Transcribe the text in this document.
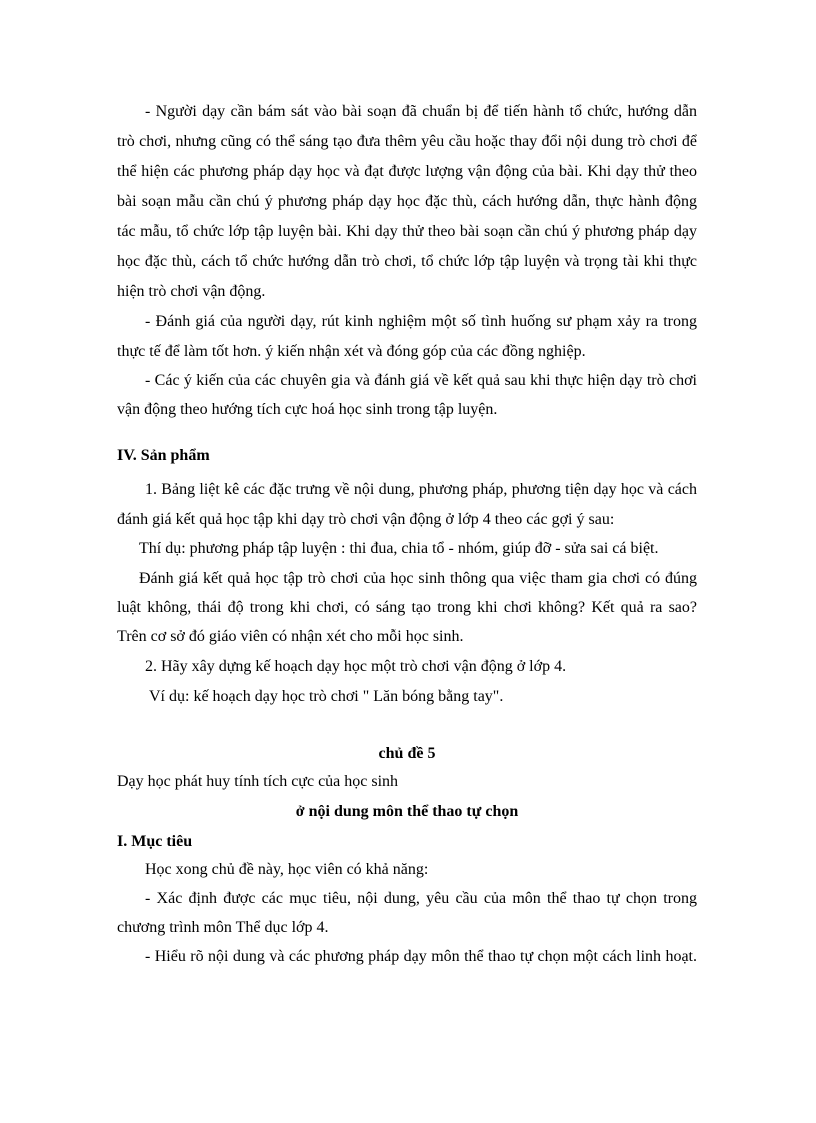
- Người dạy cần bám sát vào bài soạn đã chuẩn bị để tiến hành tổ chức, hướng dẫn
trò chơi, nhưng cũng có thể sáng tạo đưa thêm yêu cầu hoặc thay đổi nội dung trò chơi để
thể hiện các phương pháp dạy học và đạt được lượng vận động của bài. Khi dạy thử theo
bài soạn mẫu cần chú ý phương pháp dạy học đặc thù, cách hướng dẫn, thực hành động
tác mẫu, tổ chức lớp tập luyện bài. Khi dạy thử theo bài soạn cần chú ý phương pháp dạy
học đặc thù, cách tổ chức hướng dẫn trò chơi, tổ chức lớp tập luyện và trọng tài khi thực
hiện trò chơi vận động.
- Đánh giá của người dạy, rút kinh nghiệm một số tình huống sư phạm xảy ra trong
thực tế để làm tốt hơn. ý kiến nhận xét và đóng góp của các đồng nghiệp.
- Các ý kiến của các chuyên gia và đánh giá về kết quả sau khi thực hiện dạy trò chơi
vận động theo hướng tích cực hoá học sinh trong tập luyện.
IV. Sản phẩm
1. Bảng liệt kê các đặc trưng về nội dung, phương pháp, phương tiện dạy học và cách
đánh giá kết quả học tập khi dạy trò chơi vận động ở lớp 4 theo các gợi ý sau:
Thí dụ: phương pháp tập luyện : thi đua, chia tổ - nhóm, giúp đỡ - sửa sai cá biệt.
Đánh giá kết quả học tập trò chơi của học sinh thông qua việc tham gia chơi có đúng
luật không, thái độ trong khi chơi, có sáng tạo trong khi chơi không? Kết quả ra sao?
Trên cơ sở đó giáo viên có nhận xét cho mỗi học sinh.
2. Hãy xây dựng kế hoạch dạy học một trò chơi vận động ở lớp 4.
Ví dụ: kế hoạch dạy học trò chơi " Lăn bóng bằng tay".
chủ đề 5
Dạy học phát huy tính tích cực của học sinh
ở nội dung môn thể thao tự chọn
I. Mục tiêu
Học xong chủ đề này, học viên có khả năng:
- Xác định được các mục tiêu, nội dung, yêu cầu của môn thể thao tự chọn trong
chương trình môn Thể dục lớp 4.
- Hiểu rõ nội dung và các phương pháp dạy môn thể thao tự chọn một cách linh hoạt.
